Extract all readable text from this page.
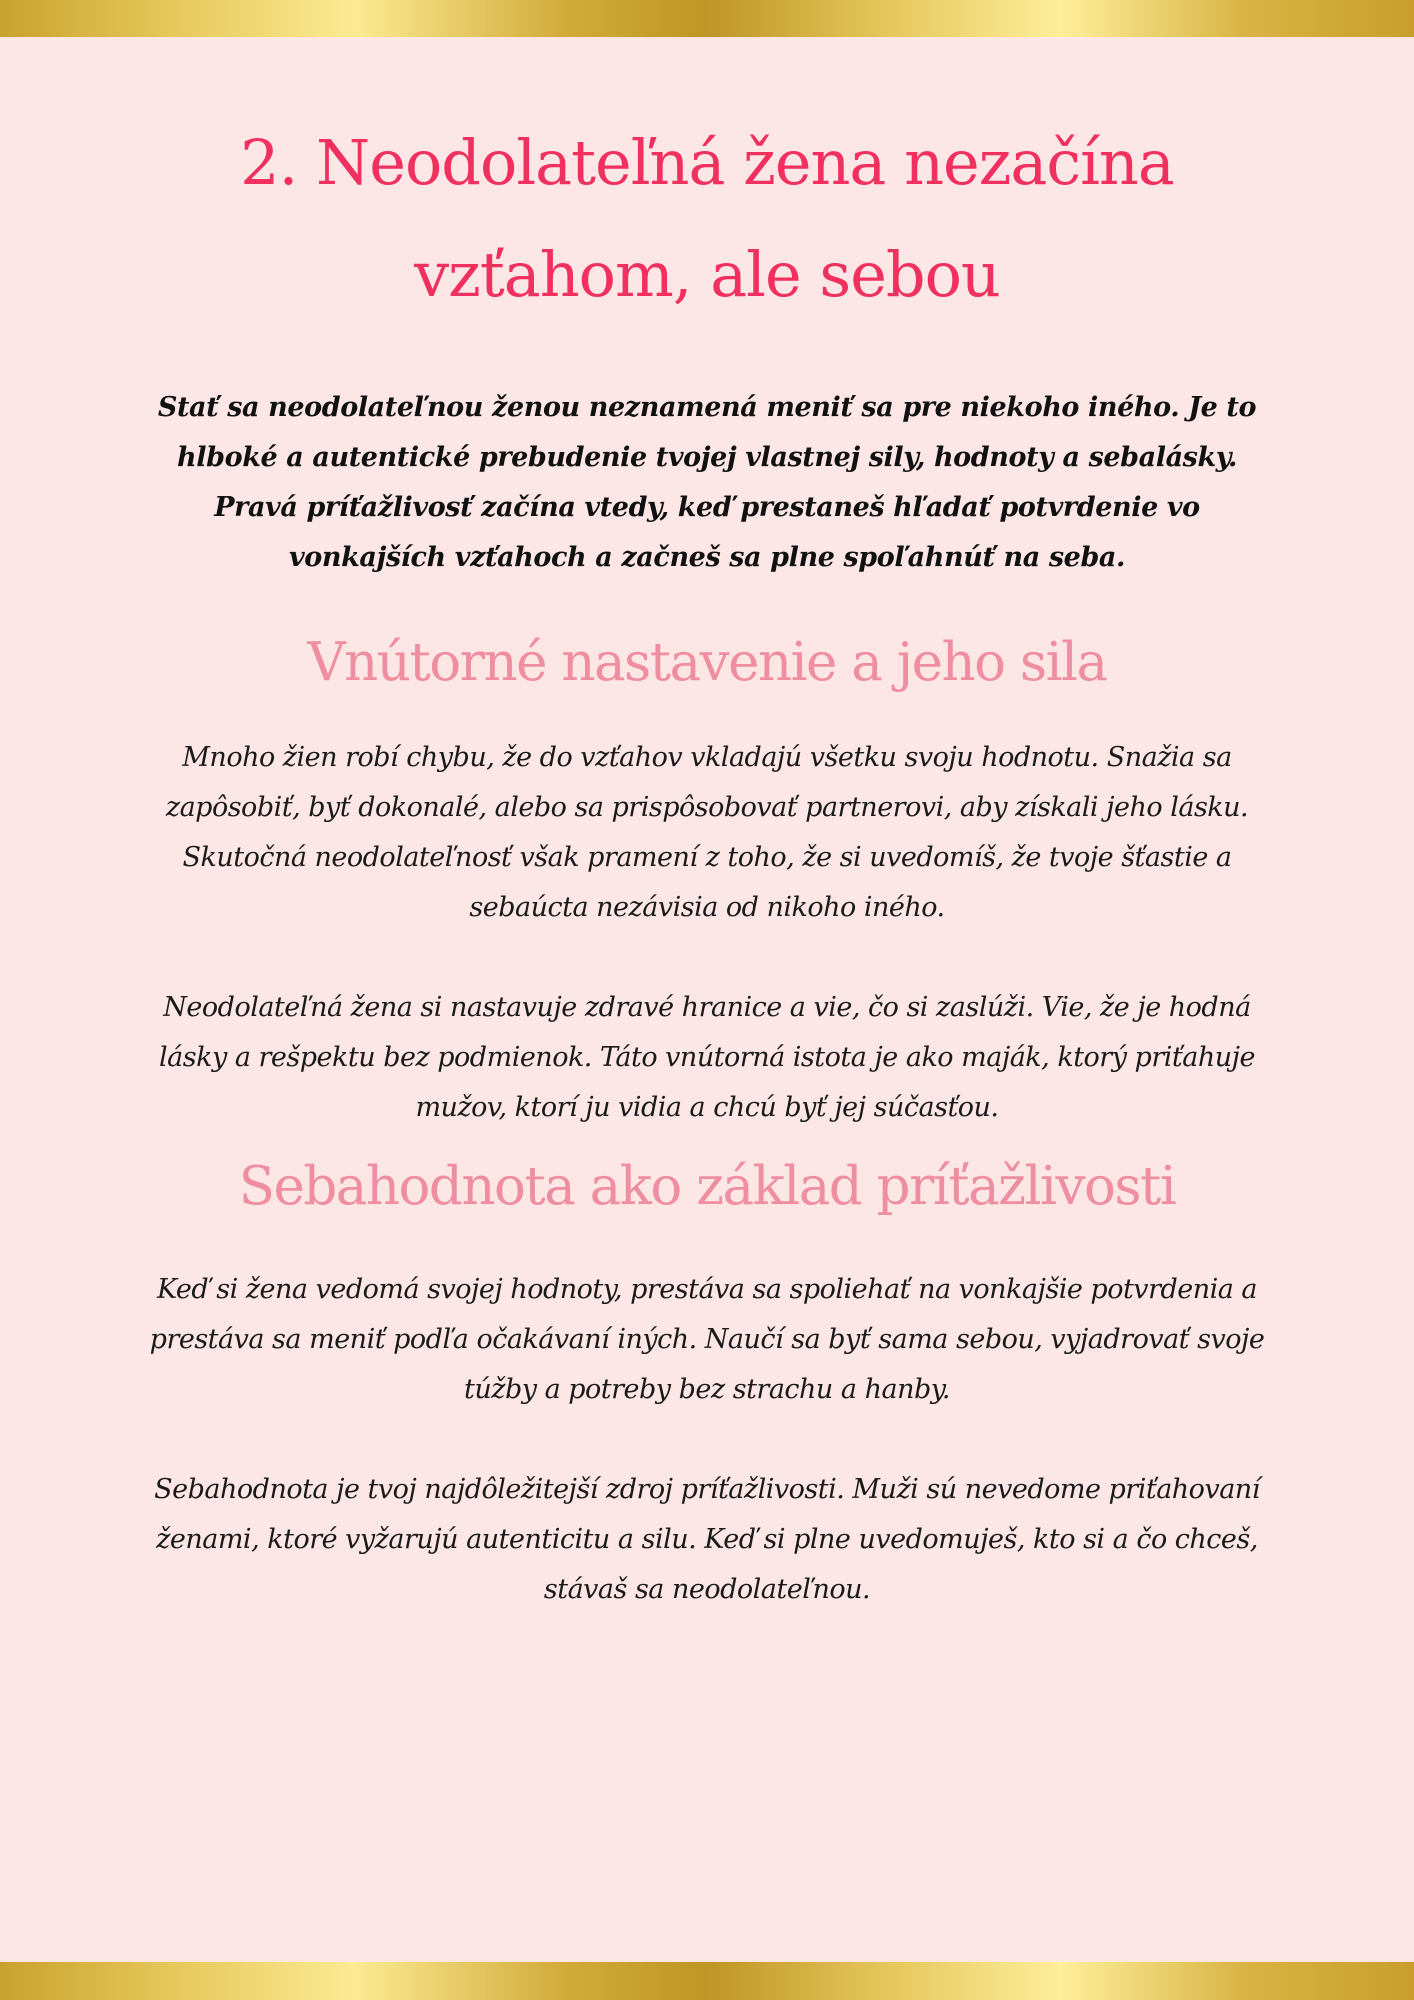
2. Neodolateľná žena nezačína vzťahom, ale sebou

Stať sa neodolateľnou ženou neznamená meniť sa pre niekoho iného. Je to hlboké a autentické prebudenie tvojej vlastnej sily, hodnoty a sebalásky. Pravá príťažlivosť začína vtedy, keď prestaneš hľadať potvrdenie vo vonkajších vzťahoch a začneš sa plne spoľahnúť na seba.

Vnútorné nastavenie a jeho sila

Mnoho žien robí chybu, že do vzťahov vkladajú všetku svoju hodnotu. Snažia sa zapôsobiť, byť dokonalé, alebo sa prispôsobovať partnerovi, aby získali jeho lásku. Skutočná neodolateľnosť však pramení z toho, že si uvedomíš, že tvoje šťastie a sebaúcta nezávisia od nikoho iného.

Neodolateľná žena si nastavuje zdravé hranice a vie, čo si zaslúži. Vie, že je hodná lásky a rešpektu bez podmienok. Táto vnútorná istota je ako maják, ktorý priťahuje mužov, ktorí ju vidia a chcú byť jej súčasťou.

Sebahodnota ako základ príťažlivosti

Keď si žena vedomá svojej hodnoty, prestáva sa spoliehať na vonkajšie potvrdenia a prestáva sa meniť podľa očakávaní iných. Naučí sa byť sama sebou, vyjadrovať svoje túžby a potreby bez strachu a hanby.

Sebahodnota je tvoj najdôležitejší zdroj príťažlivosti. Muži sú nevedome priťahovaní ženami, ktoré vyžarujú autenticitu a silu. Keď si plne uvedomuješ, kto si a čo chceš, stávaš sa neodolateľnou.
